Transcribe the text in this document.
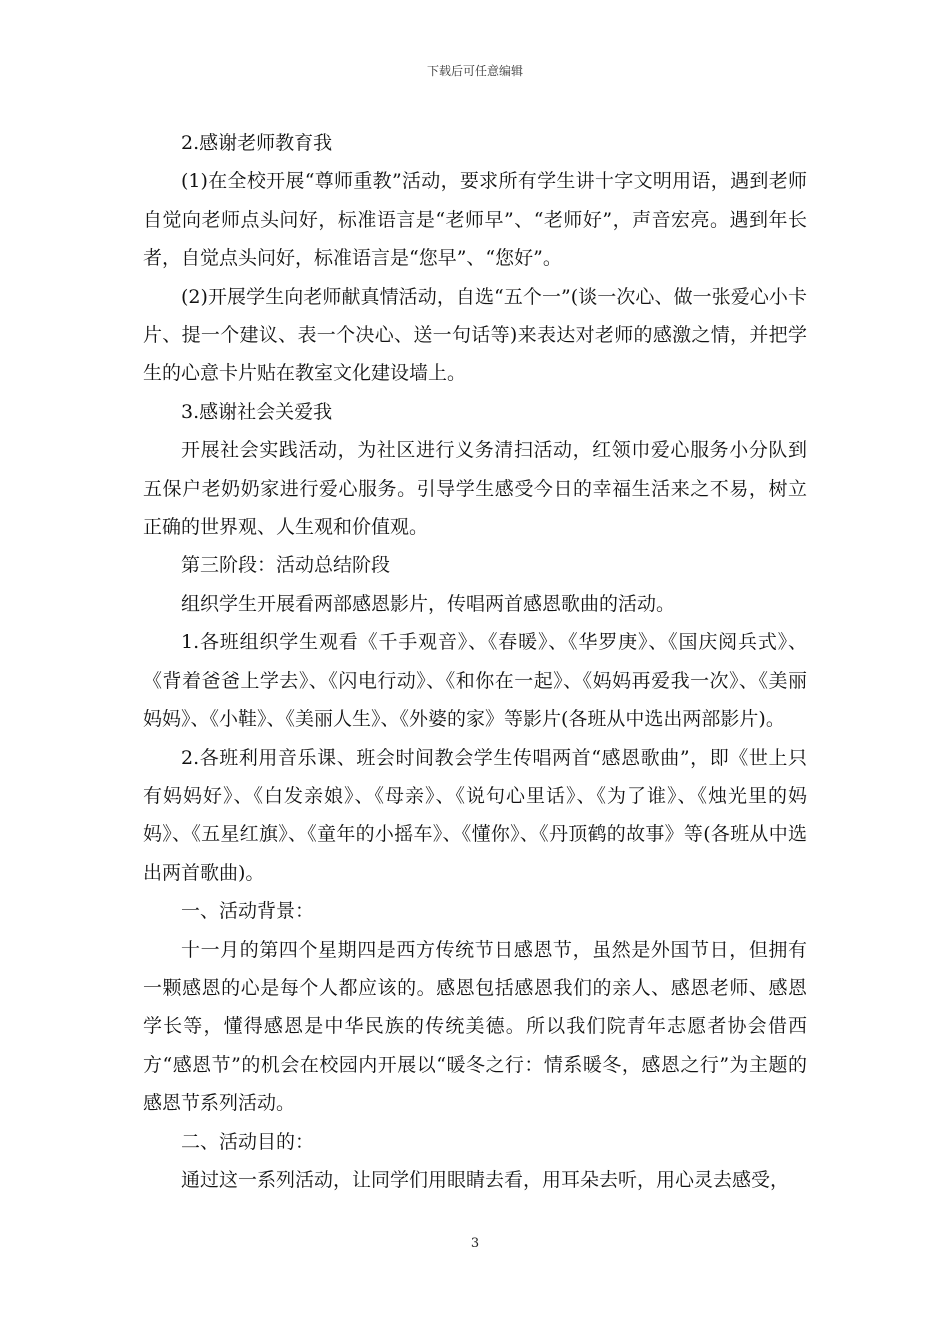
下载后可任意编辑

2.感谢老师教育我

(1)在全校开展“尊师重教”活动，要求所有学生讲十字文明用语，遇到老师自觉向老师点头问好，标准语言是“老师早”、“老师好”，声音宏亮。遇到年长者，自觉点头问好，标准语言是“您早”、“您好”。

(2)开展学生向老师献真情活动，自选“五个一”(谈一次心、做一张爱心小卡片、提一个建议、表一个决心、送一句话等)来表达对老师的感激之情，并把学生的心意卡片贴在教室文化建设墙上。

3.感谢社会关爱我

开展社会实践活动，为社区进行义务清扫活动，红领巾爱心服务小分队到五保户老奶奶家进行爱心服务。引导学生感受今日的幸福生活来之不易，树立正确的世界观、人生观和价值观。

第三阶段：活动总结阶段

组织学生开展看两部感恩影片，传唱两首感恩歌曲的活动。

1.各班组织学生观看《千手观音》、《春暖》、《华罗庚》、《国庆阅兵式》、《背着爸爸上学去》、《闪电行动》、《和你在一起》、《妈妈再爱我一次》、《美丽妈妈》、《小鞋》、《美丽人生》、《外婆的家》等影片(各班从中选出两部影片)。

2.各班利用音乐课、班会时间教会学生传唱两首“感恩歌曲”，即《世上只有妈妈好》、《白发亲娘》、《母亲》、《说句心里话》、《为了谁》、《烛光里的妈妈》、《五星红旗》、《童年的小摇车》、《懂你》、《丹顶鹤的故事》等(各班从中选出两首歌曲)。

一、活动背景：

十一月的第四个星期四是西方传统节日感恩节，虽然是外国节日，但拥有一颗感恩的心是每个人都应该的。感恩包括感恩我们的亲人、感恩老师、感恩学长等，懂得感恩是中华民族的传统美德。所以我们院青年志愿者协会借西方“感恩节”的机会在校园内开展以“暖冬之行：情系暖冬，感恩之行”为主题的感恩节系列活动。

二、活动目的：

通过这一系列活动，让同学们用眼睛去看，用耳朵去听，用心灵去感受，

3
